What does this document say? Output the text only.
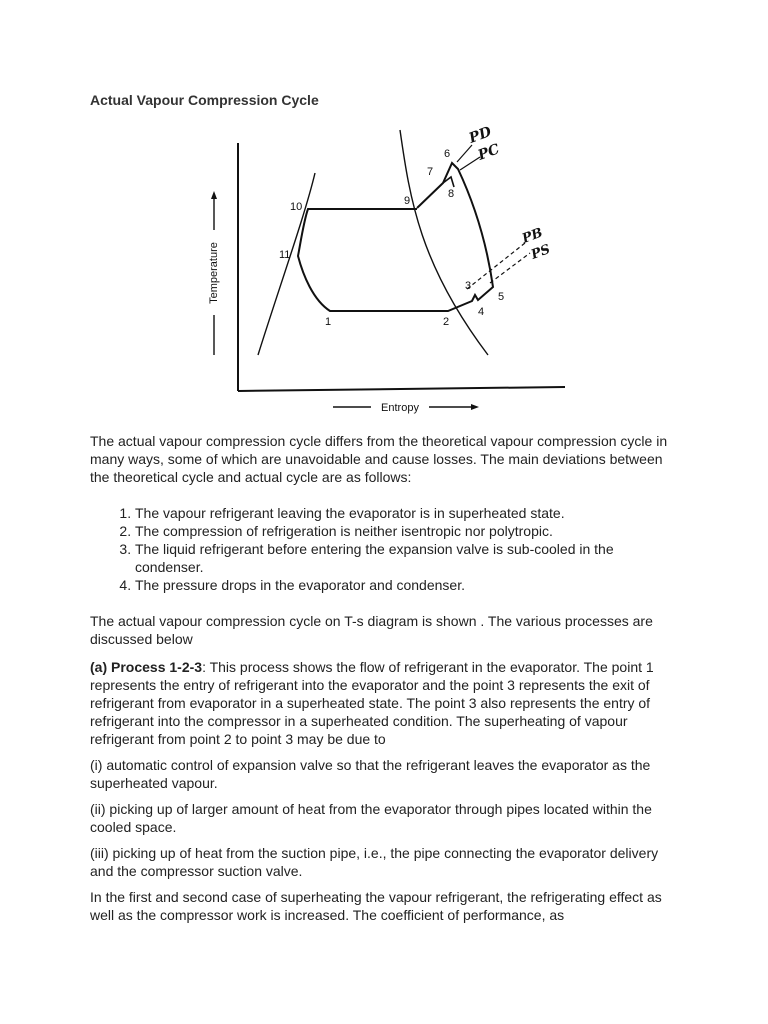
Actual Vapour Compression Cycle
1	2
3
4
5
6
7
8
9
10
11
PD
PC
PB
PS
Temperature
Entropy

The actual vapour compression cycle differs from the theoretical vapour compression cycle in many ways, some of which are unavoidable and cause losses. The main deviations between the theoretical cycle and actual cycle are as follows:

1. The vapour refrigerant leaving the evaporator is in superheated state.
2. The compression of refrigeration is neither isentropic nor polytropic.
3. The liquid refrigerant before entering the expansion valve is sub-cooled in the condenser.
4. The pressure drops in the evaporator and condenser.

The actual vapour compression cycle on T-s diagram is shown . The various processes are discussed below

(a) Process 1-2-3: This process shows the flow of refrigerant in the evaporator. The point 1 represents the entry of refrigerant into the evaporator and the point 3 represents the exit of refrigerant from evaporator in a superheated state. The point 3 also represents the entry of refrigerant into the compressor in a superheated condition. The superheating of vapour refrigerant from point 2 to point 3 may be due to

(i) automatic control of expansion valve so that the refrigerant leaves the evaporator as the superheated vapour.

(ii) picking up of larger amount of heat from the evaporator through pipes located within the cooled space.

(iii) picking up of heat from the suction pipe, i.e., the pipe connecting the evaporator delivery and the compressor suction valve.

In the first and second case of superheating the vapour refrigerant, the refrigerating effect as well as the compressor work is increased. The coefficient of performance, as
